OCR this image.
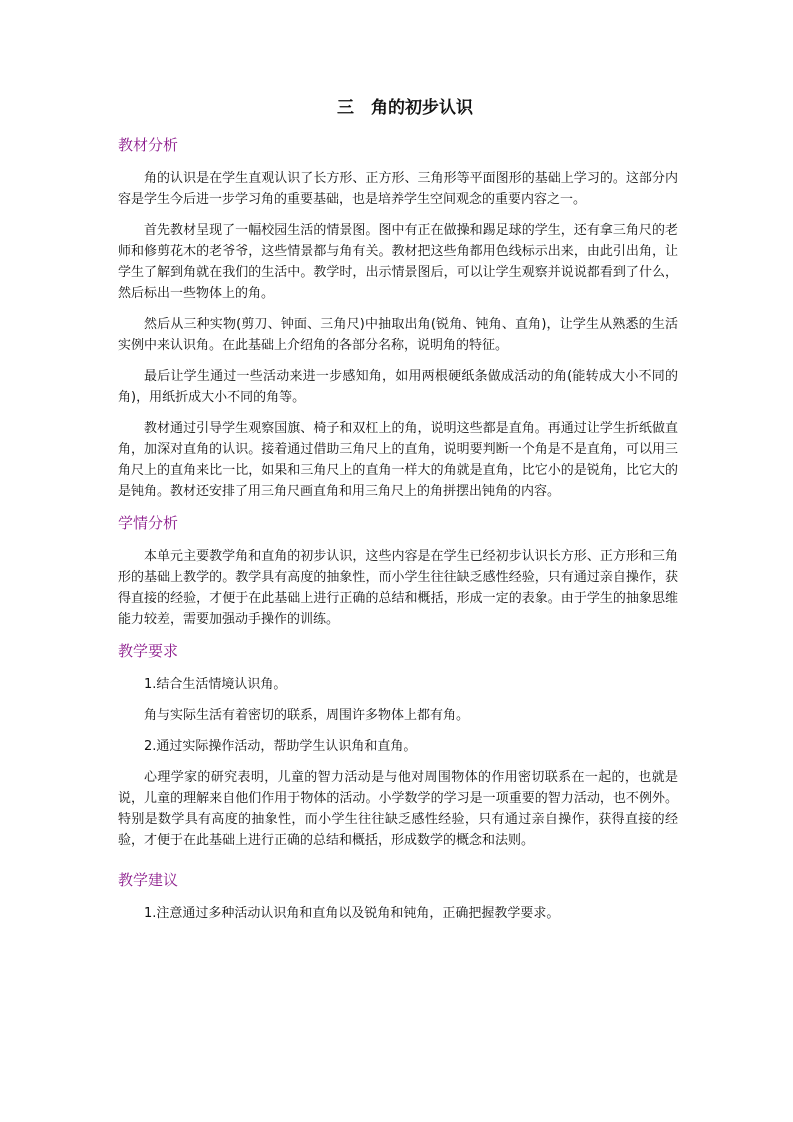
三　角的初步认识
教材分析

角的认识是在学生直观认识了长方形、正方形、三角形等平面图形的基础上学习的。这部分内容是学生今后进一步学习角的重要基础，也是培养学生空间观念的重要内容之一。

首先教材呈现了一幅校园生活的情景图。图中有正在做操和踢足球的学生，还有拿三角尺的老师和修剪花木的老爷爷，这些情景都与角有关。教材把这些角都用色线标示出来，由此引出角，让学生了解到角就在我们的生活中。教学时，出示情景图后，可以让学生观察并说说都看到了什么，然后标出一些物体上的角。

然后从三种实物(剪刀、钟面、三角尺)中抽取出角(锐角、钝角、直角)，让学生从熟悉的生活实例中来认识角。在此基础上介绍角的各部分名称，说明角的特征。

最后让学生通过一些活动来进一步感知角，如用两根硬纸条做成活动的角(能转成大小不同的角)，用纸折成大小不同的角等。

教材通过引导学生观察国旗、椅子和双杠上的角，说明这些都是直角。再通过让学生折纸做直角，加深对直角的认识。接着通过借助三角尺上的直角，说明要判断一个角是不是直角，可以用三角尺上的直角来比一比，如果和三角尺上的直角一样大的角就是直角，比它小的是锐角，比它大的是钝角。教材还安排了用三角尺画直角和用三角尺上的角拼摆出钝角的内容。

学情分析

本单元主要教学角和直角的初步认识，这些内容是在学生已经初步认识长方形、正方形和三角形的基础上教学的。教学具有高度的抽象性，而小学生往往缺乏感性经验，只有通过亲自操作，获得直接的经验，才便于在此基础上进行正确的总结和概括，形成一定的表象。由于学生的抽象思维能力较差，需要加强动手操作的训练。

教学要求

1.结合生活情境认识角。

角与实际生活有着密切的联系，周围许多物体上都有角。

2.通过实际操作活动，帮助学生认识角和直角。

心理学家的研究表明，儿童的智力活动是与他对周围物体的作用密切联系在一起的，也就是说，儿童的理解来自他们作用于物体的活动。小学数学的学习是一项重要的智力活动，也不例外。特别是数学具有高度的抽象性，而小学生往往缺乏感性经验，只有通过亲自操作，获得直接的经验，才便于在此基础上进行正确的总结和概括，形成数学的概念和法则。

教学建议

1.注意通过多种活动认识角和直角以及锐角和钝角，正确把握教学要求。
